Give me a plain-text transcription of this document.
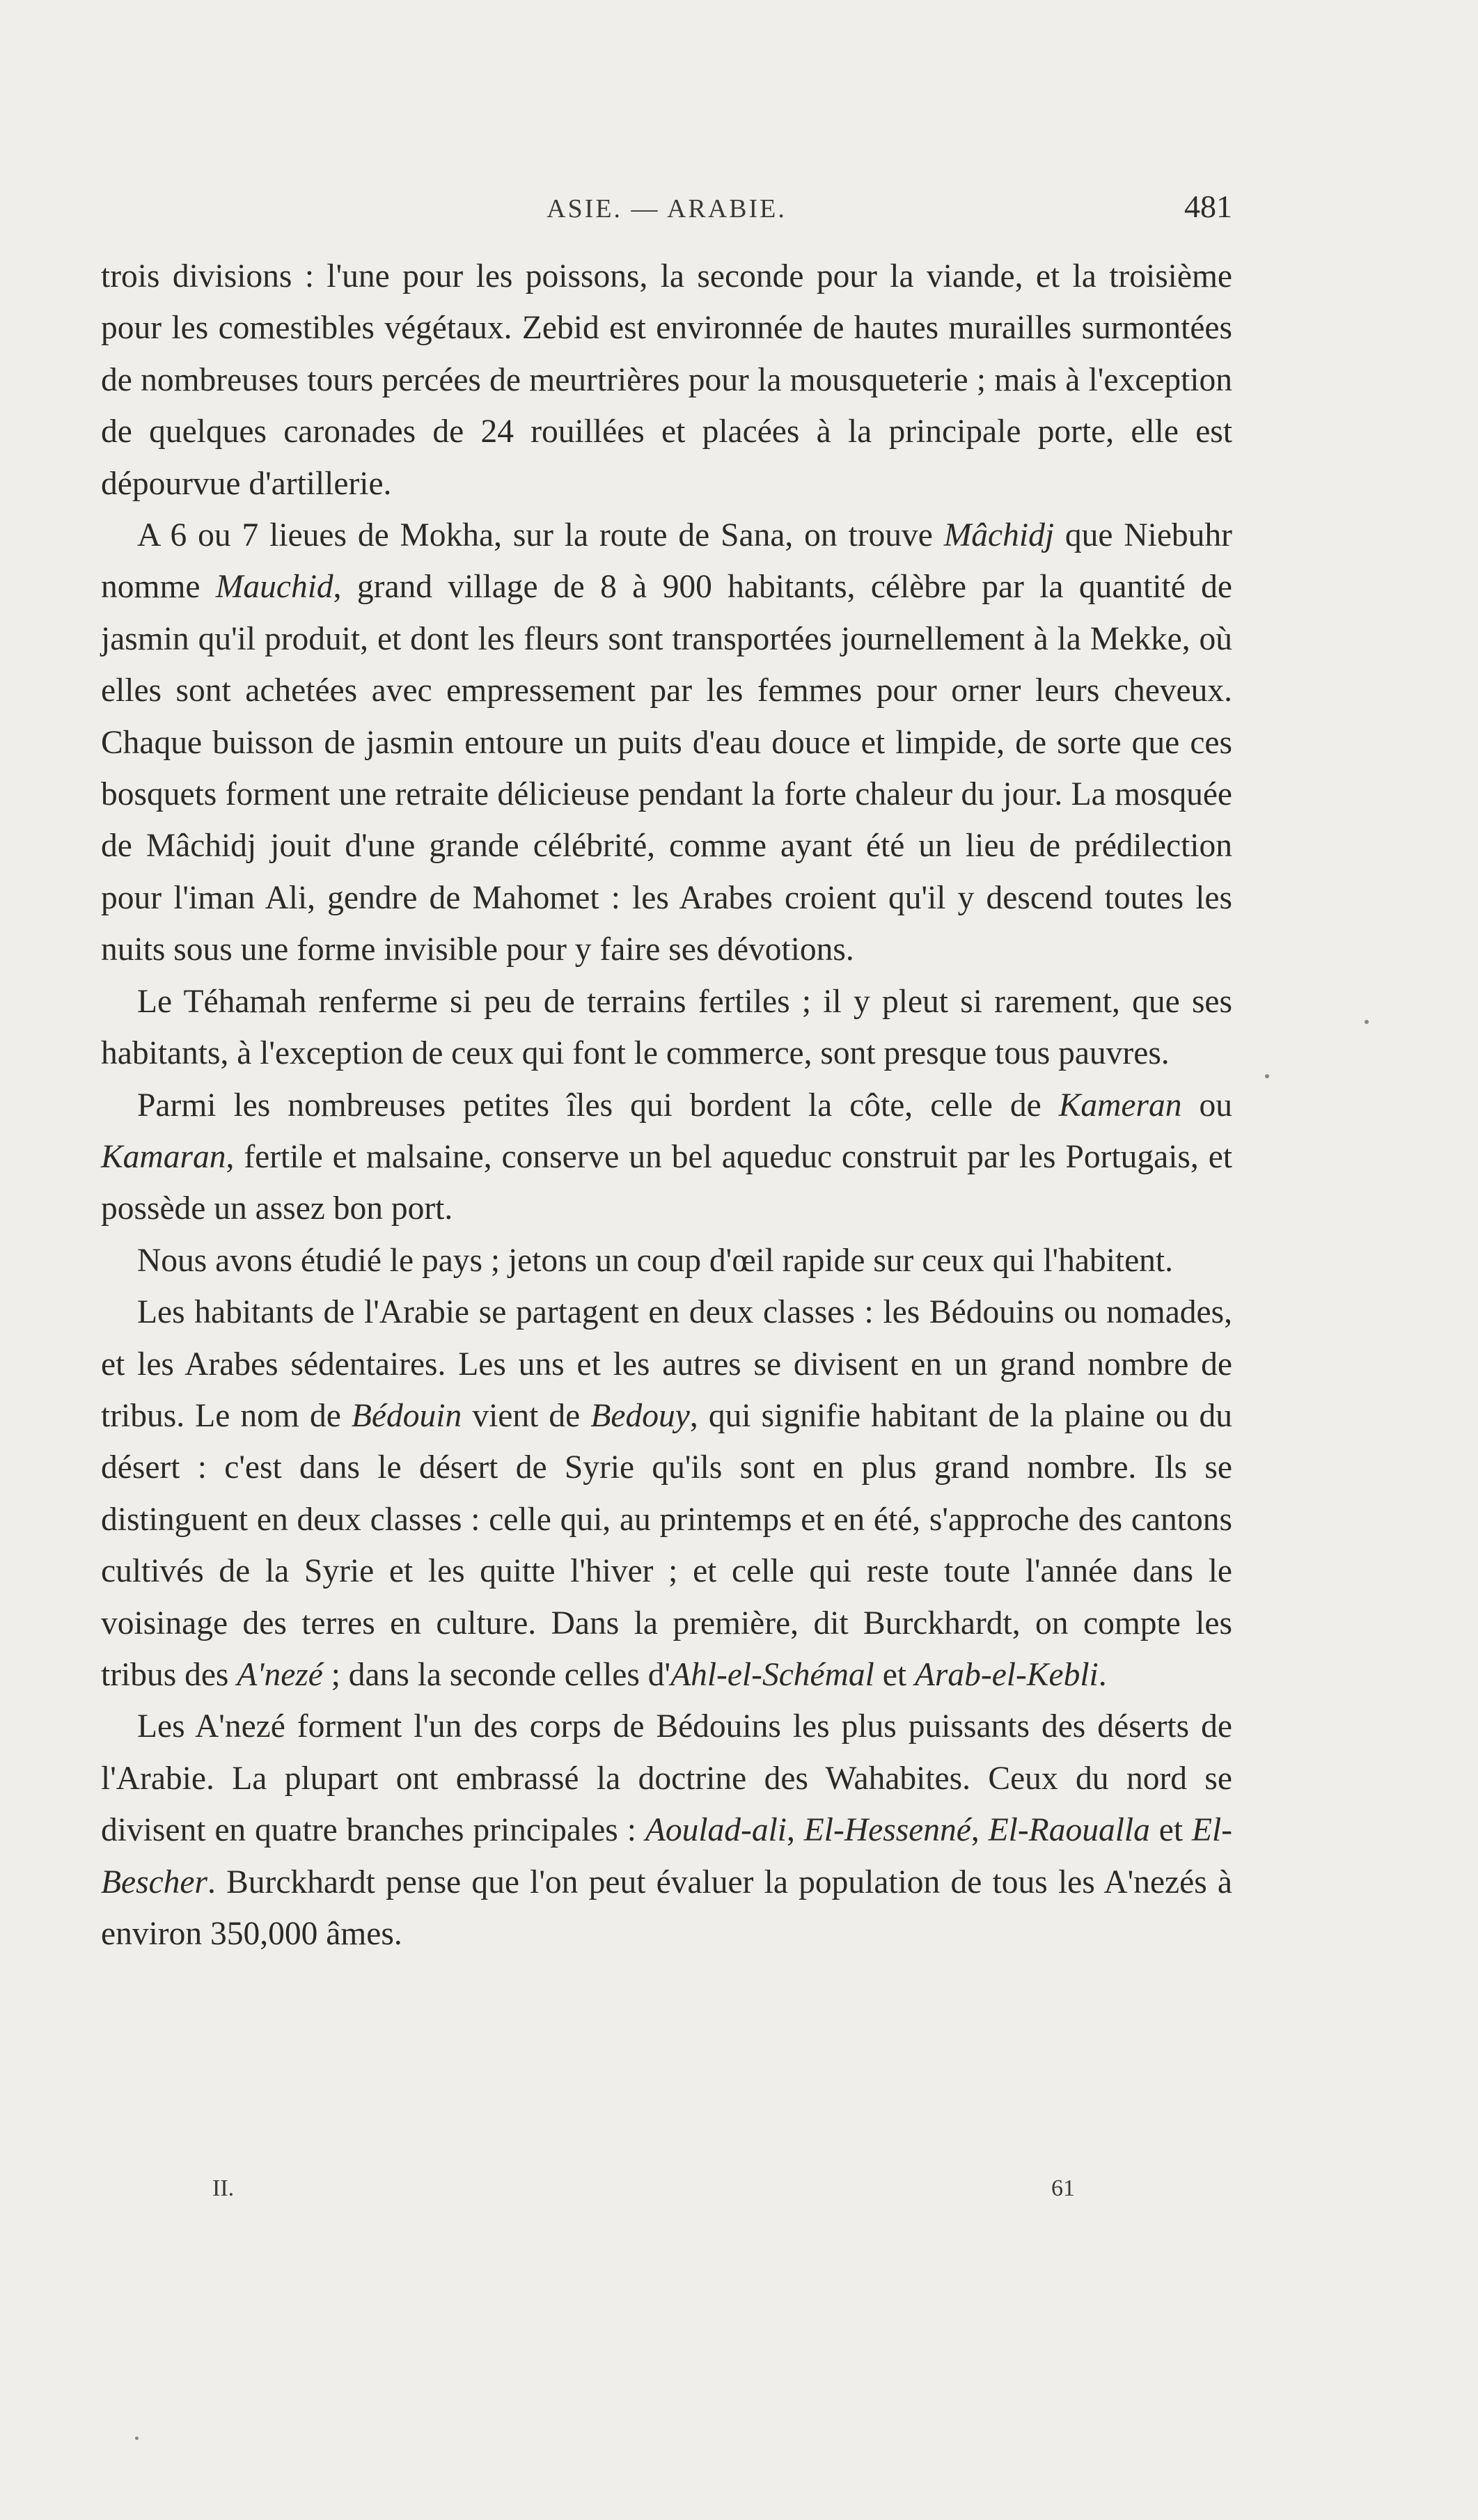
ASIE. — ARABIE.	481

trois divisions : l'une pour les poissons, la seconde pour la viande, et la troisième pour les comestibles végétaux. Zebid est environnée de hautes murailles surmontées de nombreuses tours percées de meurtrières pour la mousqueterie ; mais à l'exception de quelques caronades de 24 rouillées et placées à la principale porte, elle est dépourvue d'artillerie.

A 6 ou 7 lieues de Mokha, sur la route de Sana, on trouve Mâchidj que Niebuhr nomme Mauchid, grand village de 8 à 900 habitants, célèbre par la quantité de jasmin qu'il produit, et dont les fleurs sont transportées journellement à la Mekke, où elles sont achetées avec empressement par les femmes pour orner leurs cheveux. Chaque buisson de jasmin entoure un puits d'eau douce et limpide, de sorte que ces bosquets forment une retraite délicieuse pendant la forte chaleur du jour. La mosquée de Mâchidj jouit d'une grande célébrité, comme ayant été un lieu de prédilection pour l'iman Ali, gendre de Mahomet : les Arabes croient qu'il y descend toutes les nuits sous une forme invisible pour y faire ses dévotions.

Le Téhamah renferme si peu de terrains fertiles ; il y pleut si rarement, que ses habitants, à l'exception de ceux qui font le commerce, sont presque tous pauvres.

Parmi les nombreuses petites îles qui bordent la côte, celle de Kameran ou Kamaran, fertile et malsaine, conserve un bel aqueduc construit par les Portugais, et possède un assez bon port.

Nous avons étudié le pays ; jetons un coup d'œil rapide sur ceux qui l'habitent.

Les habitants de l'Arabie se partagent en deux classes : les Bédouins ou nomades, et les Arabes sédentaires. Les uns et les autres se divisent en un grand nombre de tribus. Le nom de Bédouin vient de Bedouy, qui signifie habitant de la plaine ou du désert : c'est dans le désert de Syrie qu'ils sont en plus grand nombre. Ils se distinguent en deux classes : celle qui, au printemps et en été, s'approche des cantons cultivés de la Syrie et les quitte l'hiver ; et celle qui reste toute l'année dans le voisinage des terres en culture. Dans la première, dit Burckhardt, on compte les tribus des A'nezé ; dans la seconde celles d'Ahl-el-Schémal et Arab-el-Kebli.

Les A'nezé forment l'un des corps de Bédouins les plus puissants des déserts de l'Arabie. La plupart ont embrassé la doctrine des Wahabites. Ceux du nord se divisent en quatre branches principales : Aoulad-ali, El-Hessenné, El-Raoualla et El-Bescher. Burckhardt pense que l'on peut évaluer la population de tous les A'nezés à environ 350,000 âmes.

II.	61
